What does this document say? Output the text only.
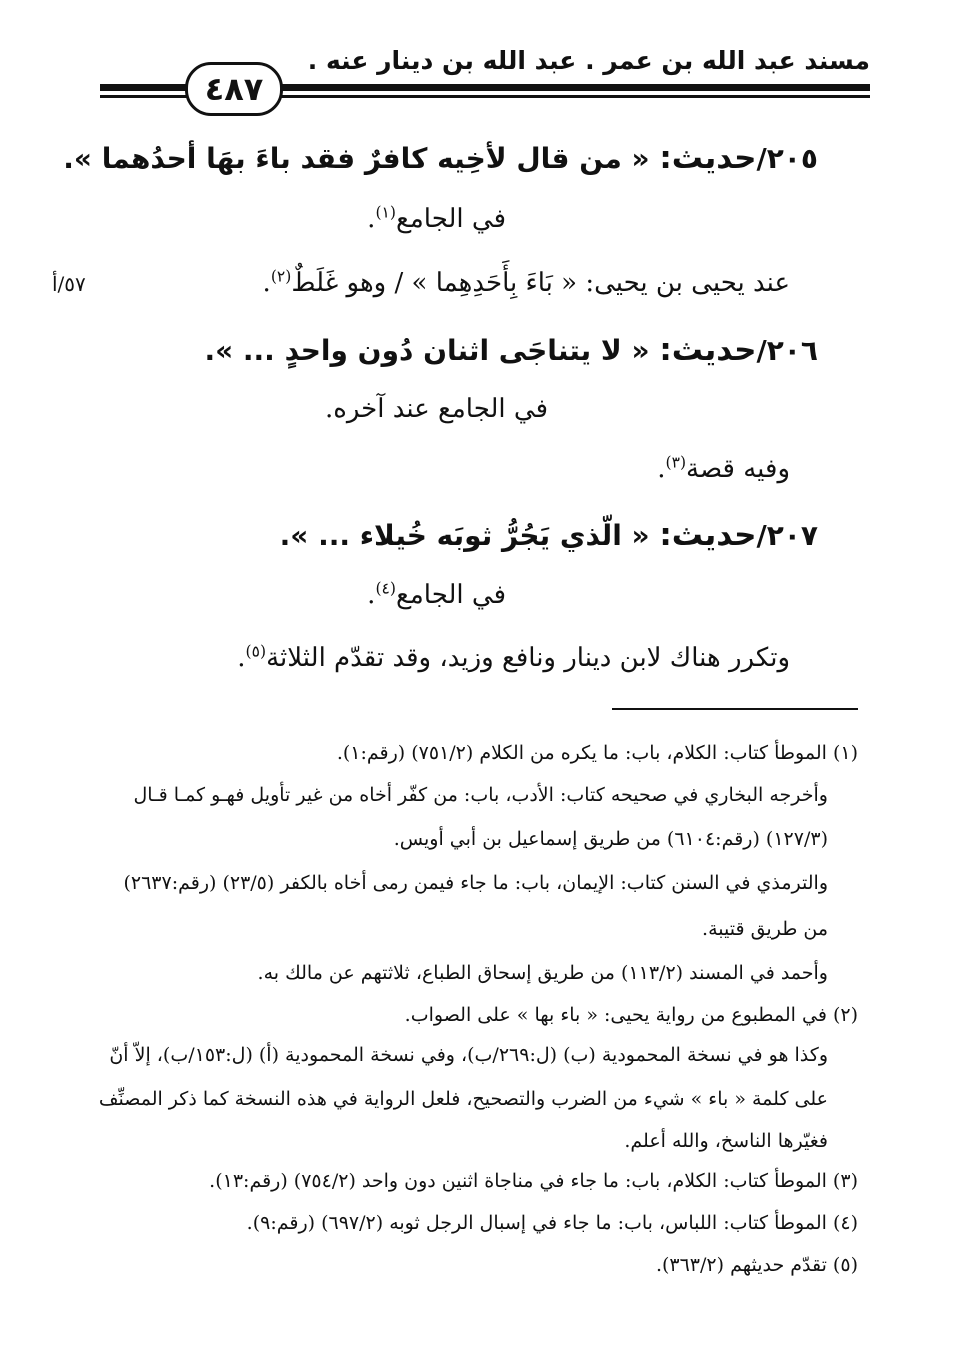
مسند عبد الله بن عمر . عبد الله بن دينار عنه .
٤٨٧
٥٧/أ
٢٠٥/حديث: « من قال لأخِيه كافرٌ فقد باءَ بهَا أحدُهما ».
في الجامع$^{(١)}$.
عند يحيى بن يحيى: « بَاءَ بِأَحَدِهِما » / وهو غَلَطٌ$^{(٢)}$.
٢٠٦/حديث: « لا يتناجَى اثنان دُون واحدٍ ... ».
في الجامع عند آخره.
وفيه قصة$^{(٣)}$.
٢٠٧/حديث: « الّذي يَجُرُّ ثوبَه خُيلاء ... ».
في الجامع$^{(٤)}$.
وتكرر هناك لابن دينار ونافع وزيد، وقد تقدّم الثلاثة$^{(٥)}$.
(١) الموطأ كتاب: الكلام، باب: ما يكره من الكلام (٧٥١/٢) (رقم:١).
وأخرجه البخاري في صحيحه كتاب: الأدب، باب: من كفّر أخاه من غير تأويل فهـو كمـا قـال
(١٢٧/٣) (رقم:٦١٠٤) من طريق إسماعيل بن أبي أويس.
والترمذي في السنن كتاب: الإيمان، باب: ما جاء فيمن رمى أخاه بالكفر (٢٣/٥) (رقم:٢٦٣٧)
من طريق قتيبة.
وأحمد في المسند (١١٣/٢) من طريق إسحاق الطباع، ثلاثتهم عن مالك به.
(٢) في المطبوع من رواية يحيى: « باء بها » على الصواب.
وكذا هو في نسخة المحمودية (ب) (ل:٢٦٩/ب)، وفي نسخة المحمودية (أ) (ل:١٥٣/ب)، إلاّ أنّ
على كلمة « باء » شيء من الضرب والتصحيح، فلعل الرواية في هذه النسخة كما ذكر المصنِّف
فغيّرها الناسخ، والله أعلم.
(٣) الموطأ كتاب: الكلام، باب: ما جاء في مناجاة اثنين دون واحد (٧٥٤/٢) (رقم:١٣).
(٤) الموطأ كتاب: اللباس، باب: ما جاء في إسبال الرجل ثوبه (٦٩٧/٢) (رقم:٩).
(٥) تقدّم حديثهم (٣٦٣/٢).
